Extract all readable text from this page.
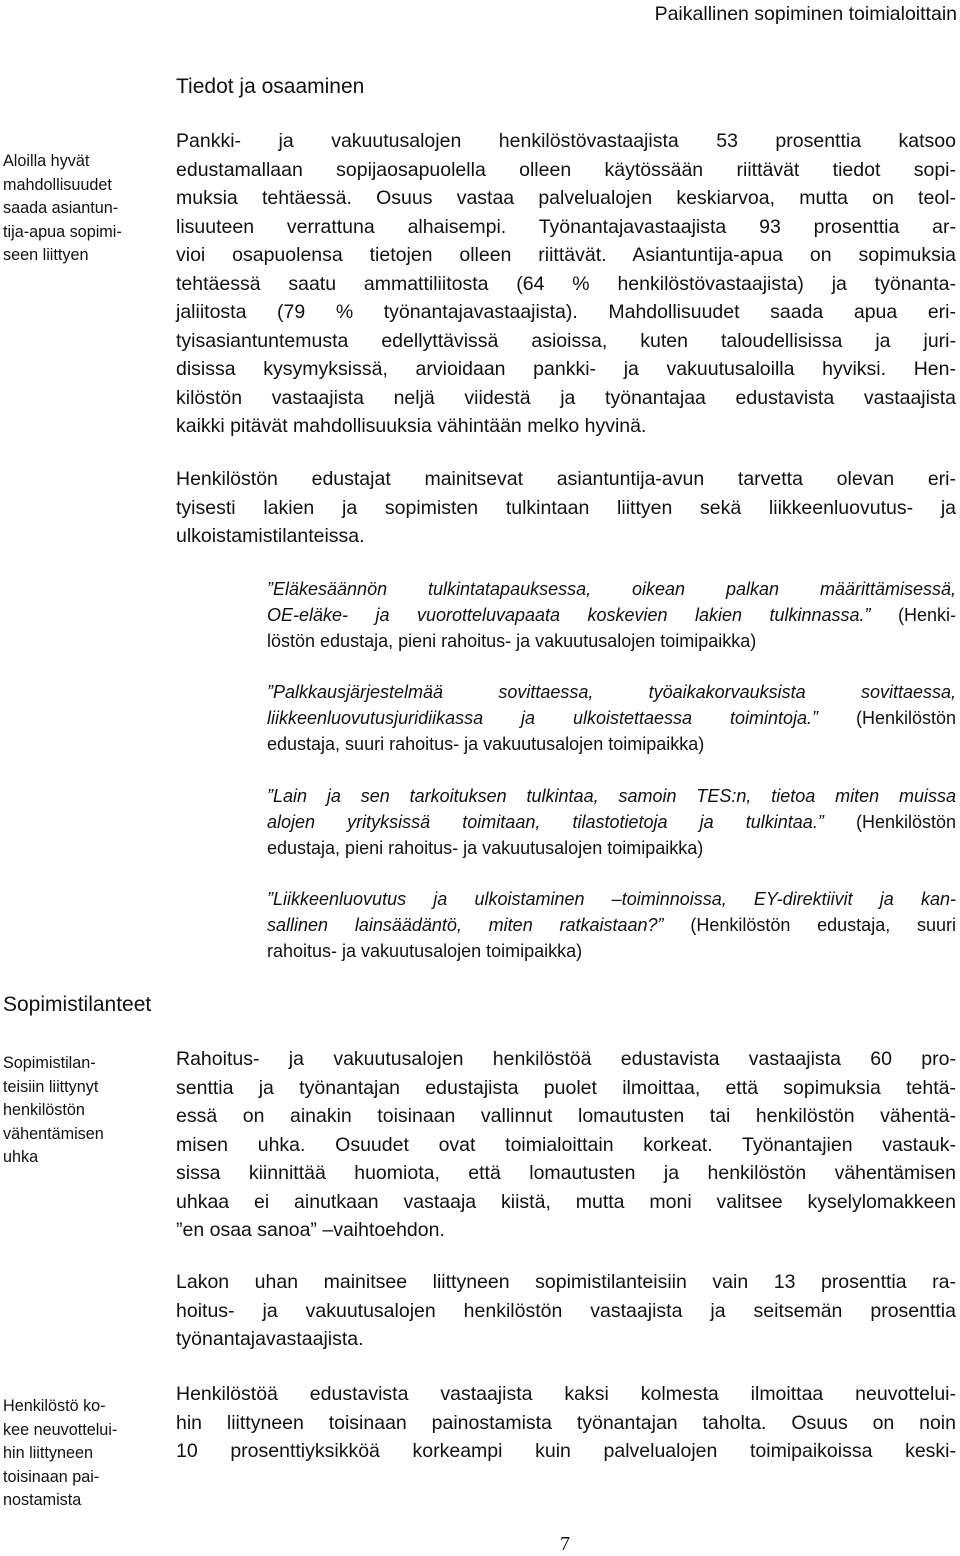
Paikallinen sopiminen toimialoittain
Tiedot ja osaaminen
Aloilla hyvät
mahdollisuudet
saada asiantun-
tija-apua sopimi-
seen liittyen
Pankki- ja vakuutusalojen henkilöstövastaajista 53 prosenttia katsoo
edustamallaan sopijaosapuolella olleen käytössään riittävät tiedot sopi-
muksia tehtäessä. Osuus vastaa palvelualojen keskiarvoa, mutta on teol-
lisuuteen verrattuna alhaisempi. Työnantajavastaajista 93 prosenttia ar-
vioi osapuolensa tietojen olleen riittävät. Asiantuntija-apua on sopimuksia
tehtäessä saatu ammattiliitosta (64 % henkilöstövastaajista) ja työnanta-
jaliitosta (79 % työnantajavastaajista). Mahdollisuudet saada apua eri-
tyisasiantuntemusta edellyttävissä asioissa, kuten taloudellisissa ja juri-
disissa kysymyksissä, arvioidaan pankki- ja vakuutusaloilla hyviksi. Hen-
kilöstön vastaajista neljä viidestä ja työnantajaa edustavista vastaajista
kaikki pitävät mahdollisuuksia vähintään melko hyvinä.
Henkilöstön edustajat mainitsevat asiantuntija-avun tarvetta olevan eri-
tyisesti lakien ja sopimisten tulkintaan liittyen sekä liikkeenluovutus- ja
ulkoistamistilanteissa.
”Eläkesäännön tulkintatapauksessa, oikean palkan määrittämisessä,
OE-eläke- ja vuorotteluvapaata koskevien lakien tulkinnassa.” (Henki-
löstön edustaja, pieni rahoitus- ja vakuutusalojen toimipaikka)
”Palkkausjärjestelmää sovittaessa, työaikakorvauksista sovittaessa,
liikkeenluovutusjuridiikassa ja ulkoistettaessa toimintoja.” (Henkilöstön
edustaja, suuri rahoitus- ja vakuutusalojen toimipaikka)
”Lain ja sen tarkoituksen tulkintaa, samoin TES:n, tietoa miten muissa
alojen yrityksissä toimitaan, tilastotietoja ja tulkintaa.” (Henkilöstön
edustaja, pieni rahoitus- ja vakuutusalojen toimipaikka)
”Liikkeenluovutus ja ulkoistaminen –toiminnoissa, EY-direktiivit ja kan-
sallinen lainsäädäntö, miten ratkaistaan?” (Henkilöstön edustaja, suuri
rahoitus- ja vakuutusalojen toimipaikka)
Sopimistilanteet
Sopimistilan-
teisiin liittynyt
henkilöstön
vähentämisen
uhka
Rahoitus- ja vakuutusalojen henkilöstöä edustavista vastaajista 60 pro-
senttia ja työnantajan edustajista puolet ilmoittaa, että sopimuksia tehtä-
essä on ainakin toisinaan vallinnut lomautusten tai henkilöstön vähentä-
misen uhka. Osuudet ovat toimialoittain korkeat. Työnantajien vastauk-
sissa kiinnittää huomiota, että lomautusten ja henkilöstön vähentämisen
uhkaa ei ainutkaan vastaaja kiistä, mutta moni valitsee kyselylomakkeen
”en osaa sanoa” –vaihtoehdon.
Lakon uhan mainitsee liittyneen sopimistilanteisiin vain 13 prosenttia ra-
hoitus- ja vakuutusalojen henkilöstön vastaajista ja seitsemän prosenttia
työnantajavastaajista.
Henkilöstö ko-
kee neuvottelui-
hin liittyneen
toisinaan pai-
nostamista
Henkilöstöä edustavista vastaajista kaksi kolmesta ilmoittaa neuvottelui-
hin liittyneen toisinaan painostamista työnantajan taholta. Osuus on noin
10 prosenttiyksikköä korkeampi kuin palvelualojen toimipaikoissa keski-
7
